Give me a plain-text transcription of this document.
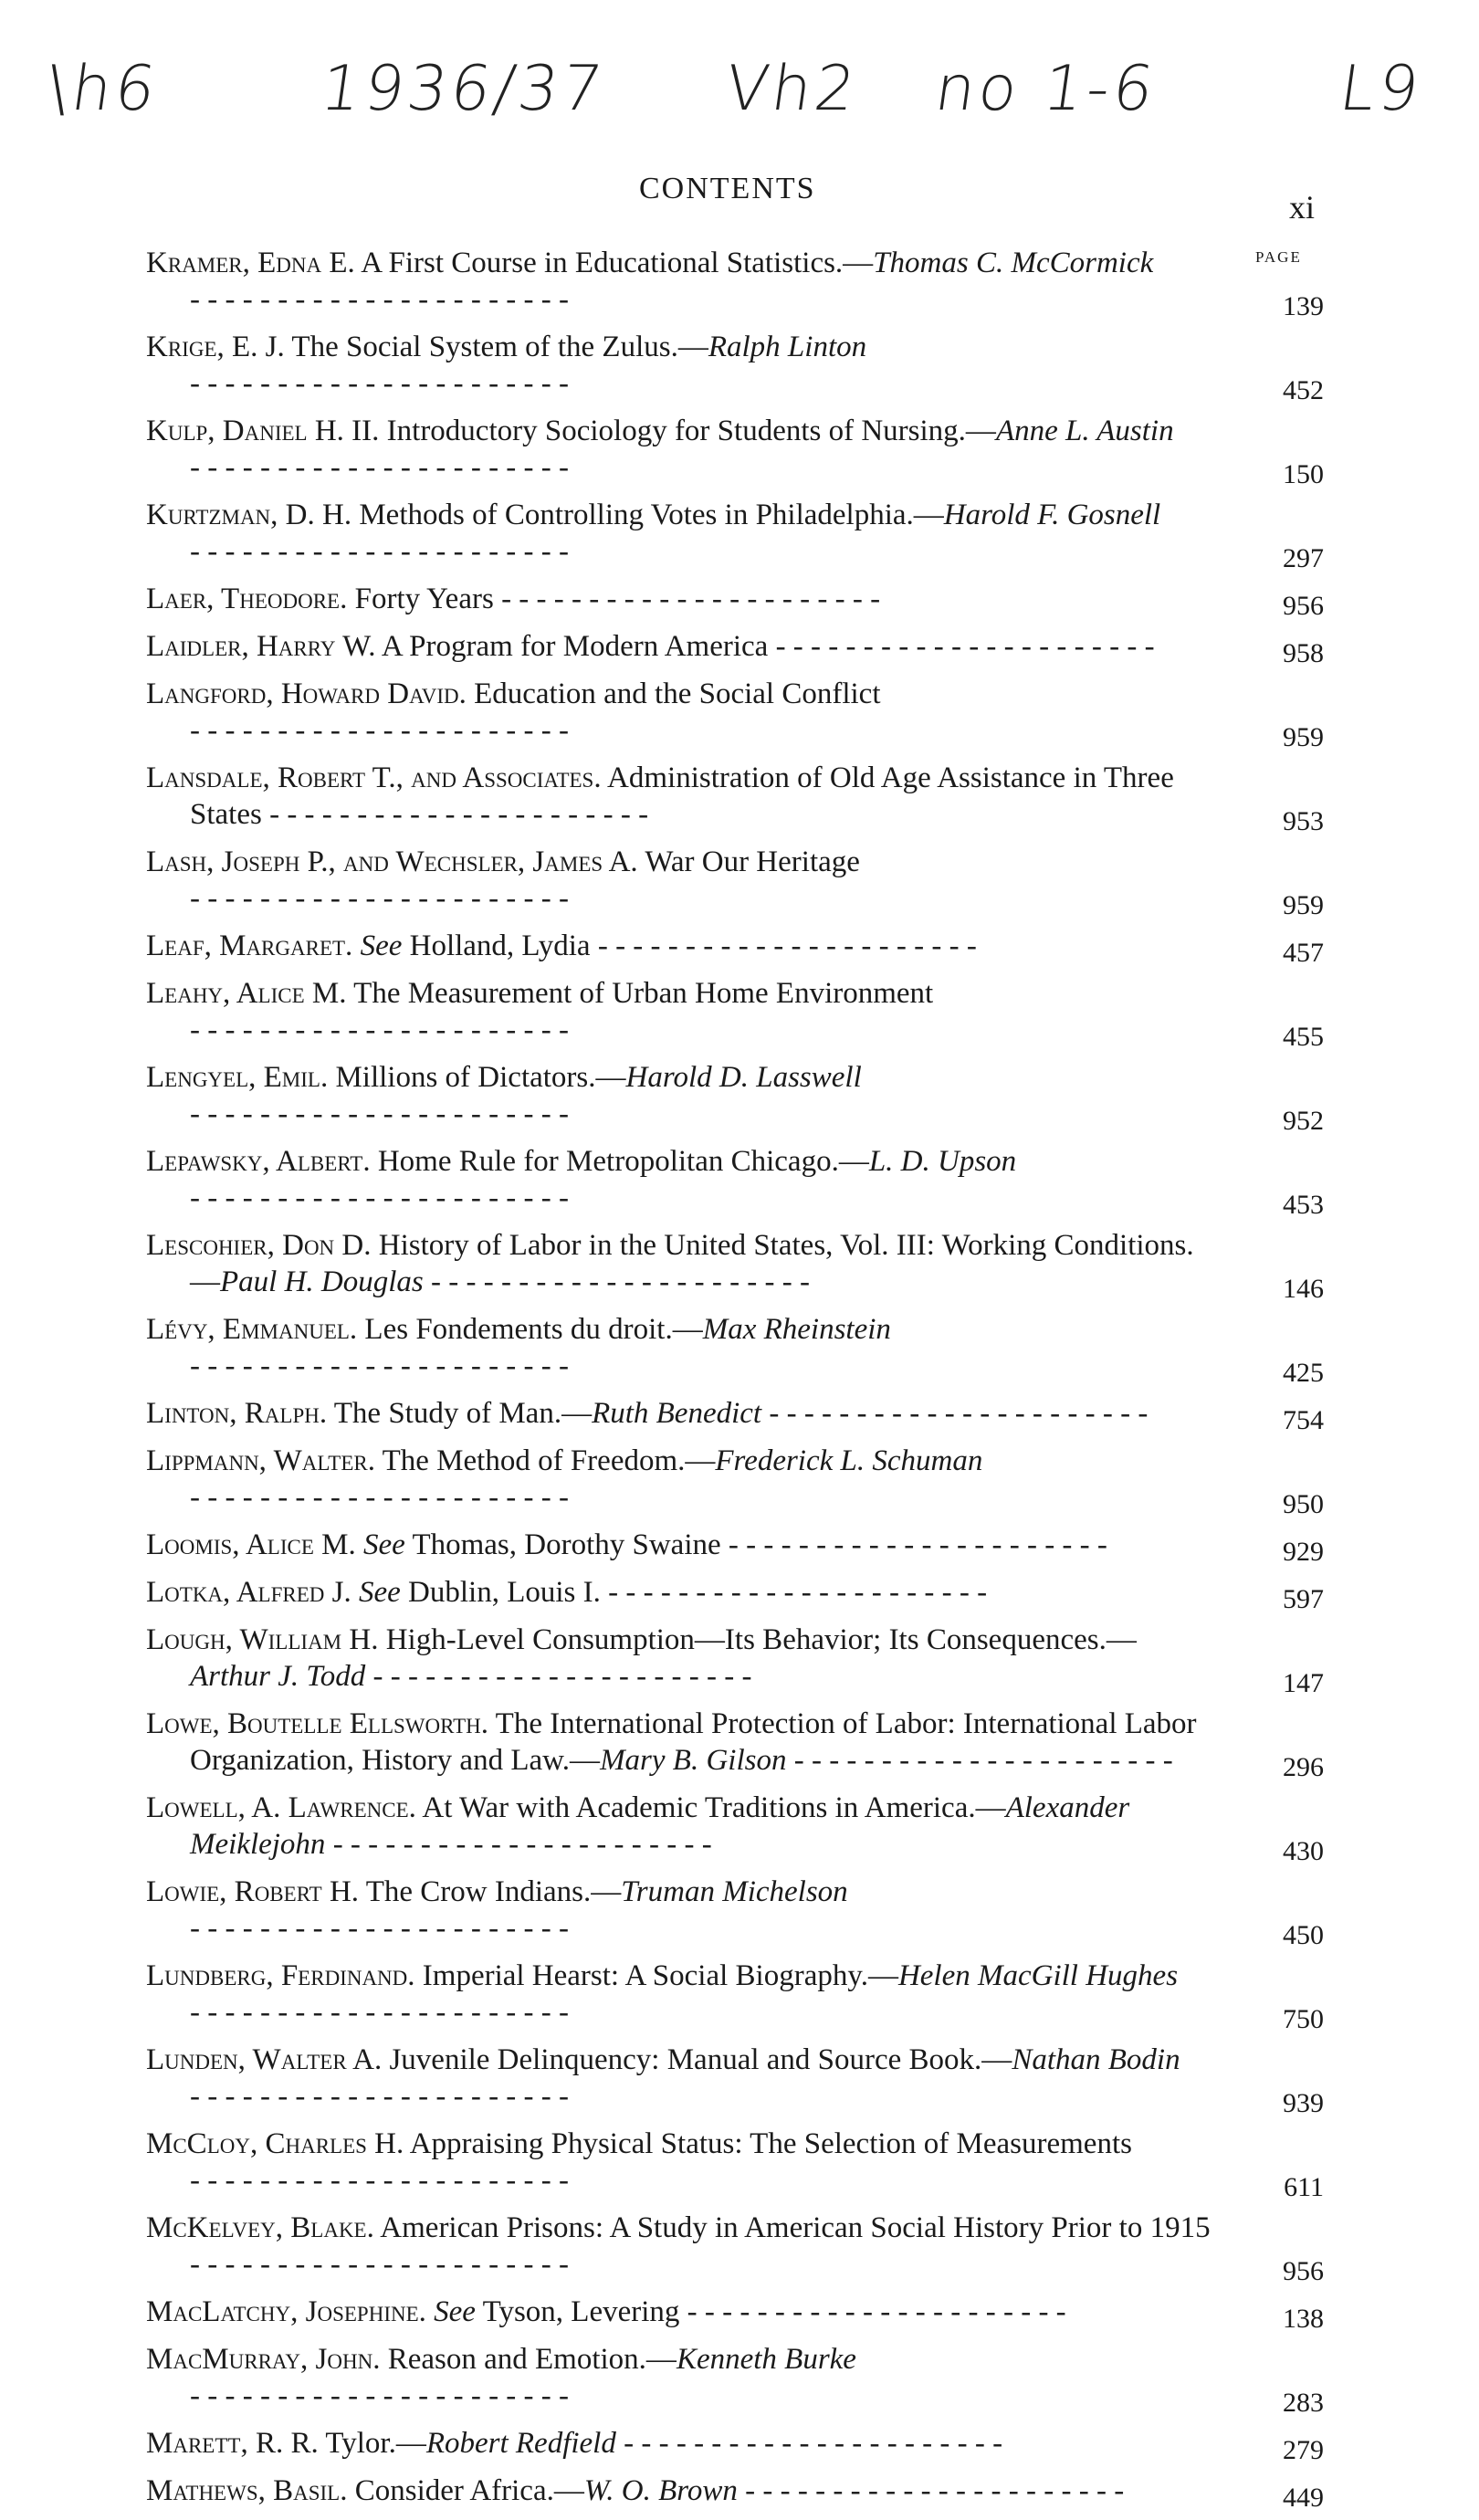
\h6 1936/37 Vh2 no 1-6	L9
CONTENTS
xi
PAGE
Kramer, Edna E. A First Course in Educational Statistics.—Thomas C. McCormick - -
139
Krige, E. J. The Social System of the Zulus.—Ralph Linton - -
452
Kulp, Daniel H. II. Introductory Sociology for Students of Nursing.—Anne L. Austin - -
150
Kurtzman, D. H. Methods of Controlling Votes in Philadelphia.—Harold F. Gosnell - -
297
Laer, Theodore. Forty Years - -	956
Laidler, Harry W. A Program for Modern America - -	958
Langford, Howard David. Education and the Social Conflict - -
959
Lansdale, Robert T., and Associates. Administration of Old Age Assistance in Three States - -	953
Lash, Joseph P., and Wechsler, James A. War Our Heritage - -
959
Leaf, Margaret. See Holland, Lydia - -	457
Leahy, Alice M. The Measurement of Urban Home Environment - -
455
Lengyel, Emil. Millions of Dictators.—Harold D. Lasswell - -
952
Lepawsky, Albert. Home Rule for Metropolitan Chicago.—L. D. Upson - -
453
Lescohier, Don D. History of Labor in the United States, Vol. III: Working Conditions.—Paul H. Douglas - -	146
Lévy, Emmanuel. Les Fondements du droit.—Max Rheinstein - -
425
Linton, Ralph. The Study of Man.—Ruth Benedict - -	754
Lippmann, Walter. The Method of Freedom.—Frederick L. Schuman - -
950
Loomis, Alice M. See Thomas, Dorothy Swaine - -	929
Lotka, Alfred J. See Dublin, Louis I. - -	597
Lough, William H. High-Level Consumption—Its Behavior; Its Consequences.—Arthur J. Todd - -	147
Lowe, Boutelle Ellsworth. The International Protection of Labor: International Labor Organization, History and Law.—Mary B. Gilson - -	296
Lowell, A. Lawrence. At War with Academic Traditions in America.—Alexander Meiklejohn - -	430
Lowie, Robert H. The Crow Indians.—Truman Michelson - -
450
Lundberg, Ferdinand. Imperial Hearst: A Social Biography.—Helen MacGill Hughes - -
750
Lunden, Walter A. Juvenile Delinquency: Manual and Source Book.—Nathan Bodin - -
939
McCloy, Charles H. Appraising Physical Status: The Selection of Measurements - -
611
McKelvey, Blake. American Prisons: A Study in American Social History Prior to 1915 - -
956
MacLatchy, Josephine. See Tyson, Levering - -	138
MacMurray, John. Reason and Emotion.—Kenneth Burke - -
283
Marett, R. R. Tylor.—Robert Redfield - -	279
Mathews, Basil. Consider Africa.—W. O. Brown - -	449
